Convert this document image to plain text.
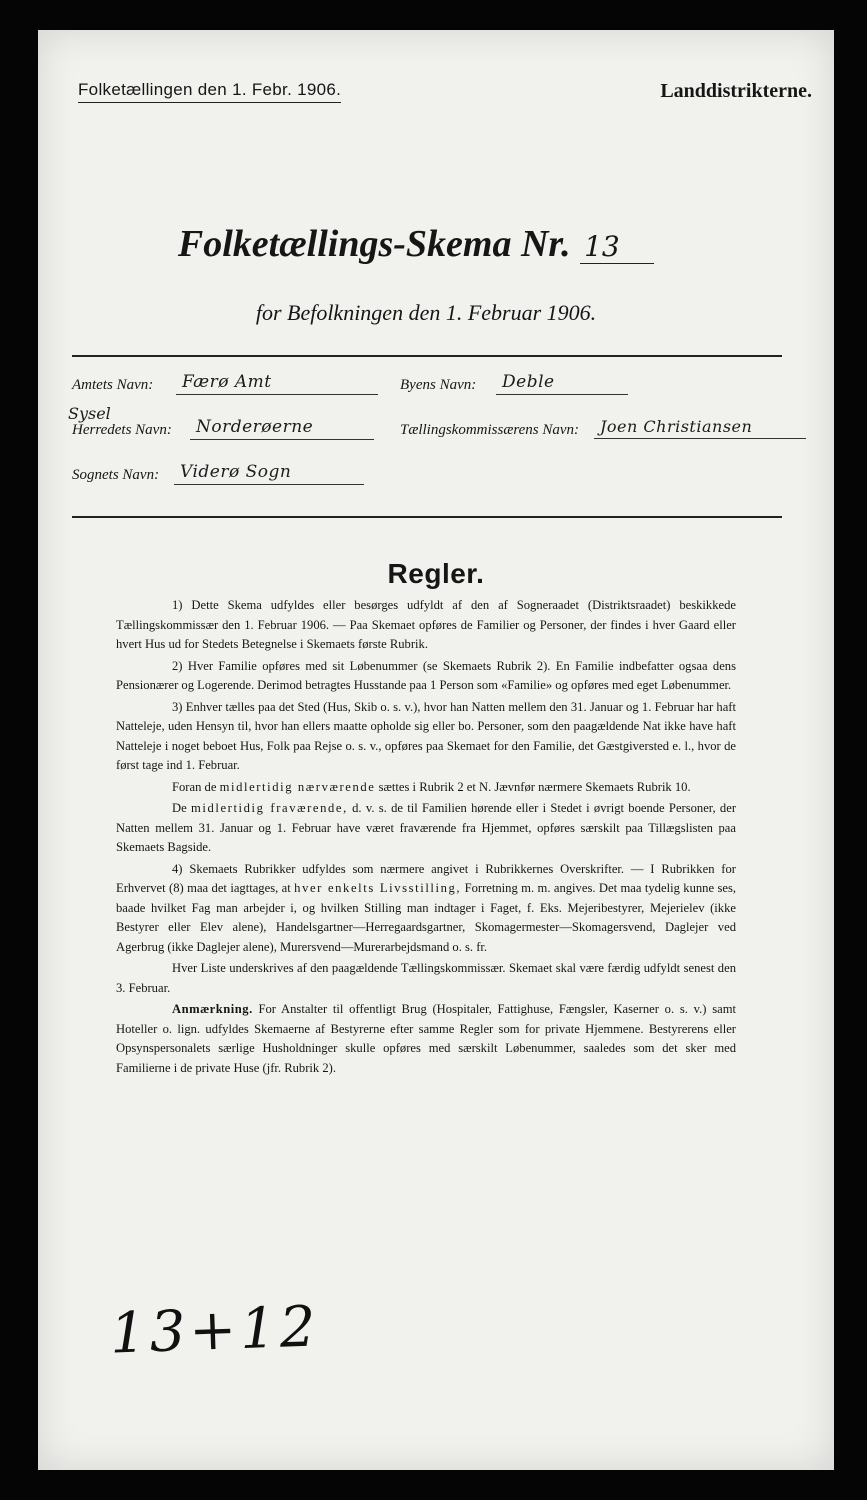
Folketællingen den 1. Febr. 1906.	Landdistrikterne.
Folketællings-Skema Nr. 13
for Befolkningen den 1. Februar 1906.
Amtets Navn:	Færø Amt	Byens Navn:	Deble
Sysel
Herredets Navn:	Norderøerne	Tællingskommissærens Navn:	Joen Christiansen
Sognets Navn:	Viderø Sogn
Regler.

1) Dette Skema udfyldes eller besørges udfyldt af den af Sogneraadet (Distriktsraadet) beskikkede Tællingskommissær den 1. Februar 1906. — Paa Skemaet opføres de Familier og Personer, der findes i hver Gaard eller hvert Hus ud for Stedets Betegnelse i Skemaets første Rubrik.

2) Hver Familie opføres med sit Løbenummer (se Skemaets Rubrik 2). En Familie indbefatter ogsaa dens Pensionærer og Logerende. Derimod betragtes Husstande paa 1 Person som «Familie» og opføres med eget Løbenummer.

3) Enhver tælles paa det Sted (Hus, Skib o. s. v.), hvor han Natten mellem den 31. Januar og 1. Februar har haft Natteleje, uden Hensyn til, hvor han ellers maatte opholde sig eller bo. Personer, som den paagældende Nat ikke have haft Natteleje i noget beboet Hus, Folk paa Rejse o. s. v., opføres paa Skemaet for den Familie, det Gæstgiversted e. l., hvor de først tage ind 1. Februar.

Foran de midlertidig nærværende sættes i Rubrik 2 et N. Jævnfør nærmere Skemaets Rubrik 10.

De midlertidig fraværende, d. v. s. de til Familien hørende eller i Stedet i øvrigt boende Personer, der Natten mellem 31. Januar og 1. Februar have været fraværende fra Hjemmet, opføres særskilt paa Tillægslisten paa Skemaets Bagside.

4) Skemaets Rubrikker udfyldes som nærmere angivet i Rubrikkernes Overskrifter. — I Rubrikken for Erhvervet (8) maa det iagttages, at hver enkelts Livsstilling, Forretning m. m. angives. Det maa tydelig kunne ses, baade hvilket Fag man arbejder i, og hvilken Stilling man indtager i Faget, f. Eks. Mejeribestyrer, Mejerielev (ikke Bestyrer eller Elev alene), Handelsgartner—Herregaardsgartner, Skomagermester—Skomagersvend, Daglejer ved Agerbrug (ikke Daglejer alene), Murersvend—Murerarbejdsmand o. s. fr.

Hver Liste underskrives af den paagældende Tællingskommissær. Skemaet skal være færdig udfyldt senest den 3. Februar.

Anmærkning. For Anstalter til offentligt Brug (Hospitaler, Fattighuse, Fængsler, Kaserner o. s. v.) samt Hoteller o. lign. udfyldes Skemaerne af Bestyrerne efter samme Regler som for private Hjemmene. Bestyrerens eller Opsynspersonalets særlige Husholdninger skulle opføres med særskilt Løbenummer, saaledes som det sker med Familierne i de private Huse (jfr. Rubrik 2).

13+12
